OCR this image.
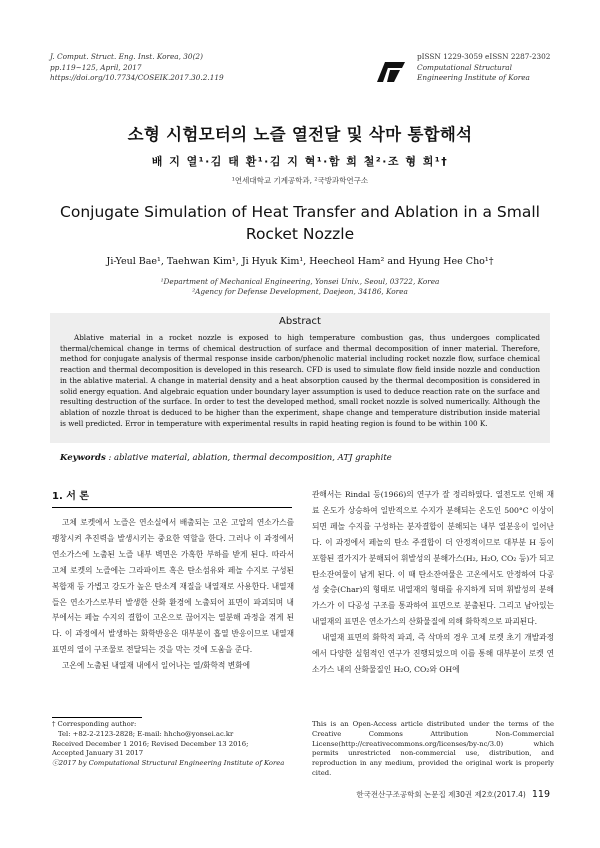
J. Comput. Struct. Eng. Inst. Korea, 30(2)
pp.119~125, April, 2017
https://doi.org/10.7734/COSEIK.2017.30.2.119
pISSN 1229-3059 eISSN 2287-2302
Computational Structural
Engineering Institute of Korea
소형 시험모터의 노즐 열전달 및 삭마 통합해석
배 지 열¹·김 태 환¹·김 지 혁¹·함 희 철²·조 형 희¹†
¹연세대학교 기계공학과, ²국방과학연구소
Conjugate Simulation of Heat Transfer and Ablation in a Small Rocket Nozzle
Ji-Yeul Bae¹, Taehwan Kim¹, Ji Hyuk Kim¹, Heecheol Ham² and Hyung Hee Cho¹†
¹Department of Mechanical Engineering, Yonsei Univ., Seoul, 03722, Korea
²Agency for Defense Development, Daejeon, 34186, Korea
Abstract
Ablative material in a rocket nozzle is exposed to high temperature combustion gas, thus undergoes complicated thermal/chemical change in terms of chemical destruction of surface and thermal decomposition of inner material. Therefore, method for conjugate analysis of thermal response inside carbon/phenolic material including rocket nozzle flow, surface chemical reaction and thermal decomposition is developed in this research. CFD is used to simulate flow field inside nozzle and conduction in the ablative material. A change in material density and a heat absorption caused by the thermal decomposition is considered in solid energy equation. And algebraic equation under boundary layer assumption is used to deduce reaction rate on the surface and resulting destruction of the surface. In order to test the developed method, small rocket nozzle is solved numerically. Although the ablation of nozzle throat is deduced to be higher than the experiment, shape change and temperature distribution inside material is well predicted. Error in temperature with experimental results in rapid heating region is found to be within 100 K.
Keywords : ablative material, ablation, thermal decomposition, ATJ graphite
1. 서 론

고체 로켓에서 노즐은 연소실에서 배출되는 고온 고압의 연소가스를 팽창시켜 추진력을 발생시키는 중요한 역할을 한다. 그러나 이 과정에서 연소가스에 노출된 노즐 내부 벽면은 가혹한 부하를 받게 된다. 따라서 고체 로켓의 노즐에는 그라파이트 혹은 탄소섬유와 페놀 수지로 구성된 복합재 등 가볍고 강도가 높은 탄소계 재질을 내열재로 사용한다. 내열재들은 연소가스로부터 발생한 산화 환경에 노출되어 표면이 파괴되며 내부에서는 페놀 수지의 결합이 고온으로 끊어지는 열분해 과정을 겪게 된다. 이 과정에서 발생하는 화학반응은 대부분이 흡열 반응이므로 내열재 표면의 열이 구조물로 전달되는 것을 막는 것에 도움을 준다.

고온에 노출된 내열재 내에서 일어나는 열/화학적 변화에

관해서는 Rindal 등(1966)의 연구가 잘 정리하였다. 열전도로 인해 재료 온도가 상승하여 일반적으로 수지가 분해되는 온도인 500°C 이상이 되면 페놀 수지를 구성하는 분자결합이 분해되는 내부 열분응이 일어난다. 이 과정에서 페놀의 탄소 주결합이 더 안정적이므로 대부분 H 등이 포함된 결가지가 분해되어 휘발성의 분해가스(H₂, H₂O, CO₂ 등)가 되고 탄소잔여물이 남게 된다. 이 때 탄소잔여물은 고온에서도 안정하여 다공성 숯층(Char)의 형태로 내열재의 형태를 유지하게 되며 휘발성의 분해가스가 이 다공성 구조를 통과하여 표면으로 분출된다. 그리고 남아있는 내열재의 표면은 연소가스의 산화물질에 의해 화학적으로 파괴된다.

내열재 표면의 화학적 파괴, 즉 삭마의 경우 고체 로켓 초기 개발과정에서 다양한 실험적인 연구가 진행되었으며 이를 통해 대부분이 로켓 연소가스 내의 산화물질인 H₂O, CO₂와 OH에

† Corresponding author:
Tel: +82-2-2123-2828; E-mail: hhcho@yonsei.ac.kr
Received December 1 2016; Revised December 13 2016;
Accepted January 31 2017
ⓒ2017 by Computational Structural Engineering Institute of Korea
This is an Open-Access article distributed under the terms of the Creative Commons Attribution Non-Commercial License(http://creativecommons.org/licenses/by-nc/3.0) which permits unrestricted non-commercial use, distribution, and reproduction in any medium, provided the original work is properly cited.
한국전산구조공학회 논문집 제30권 제2호(2017.4) 119
